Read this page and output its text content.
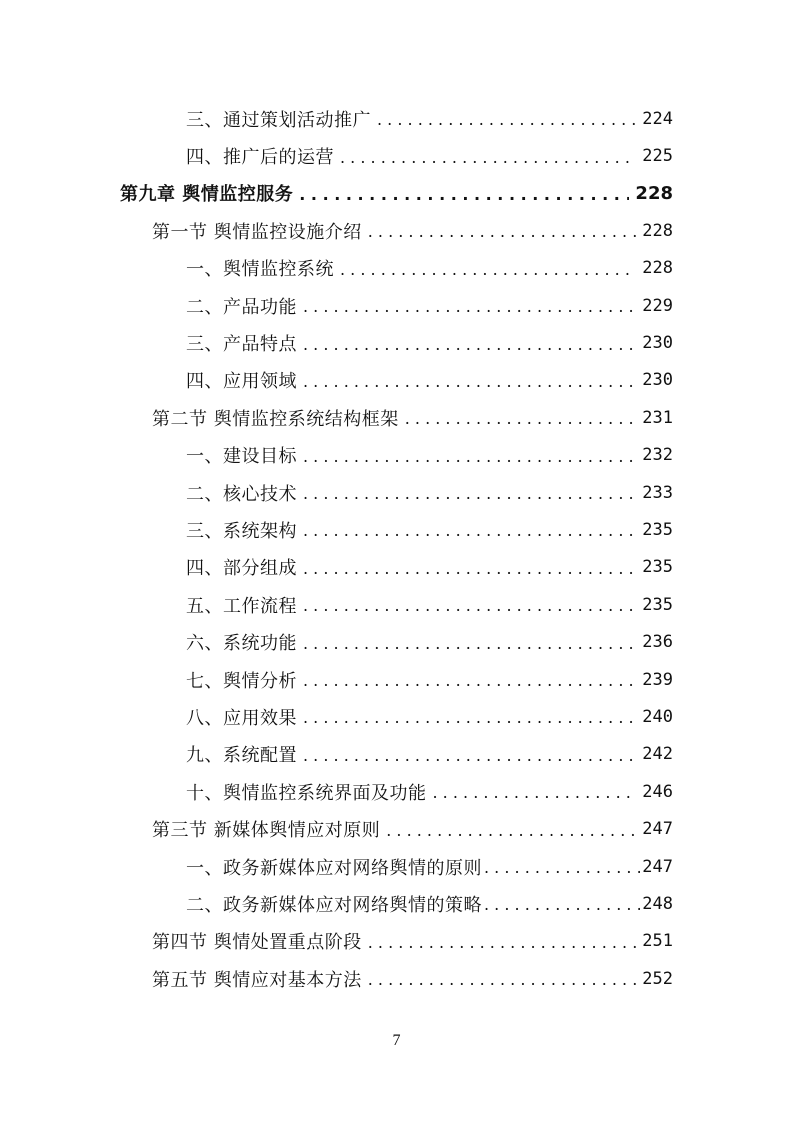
三、通过策划活动推广 . . .	224
四、推广后的运营 . . .	225
第九章 舆情监控服务 . . .	228
第一节 舆情监控设施介绍 . . .	228
一、舆情监控系统 . . .	228
二、产品功能 . . .	229
三、产品特点 . . .	230
四、应用领域 . . .	230
第二节 舆情监控系统结构框架 . . .	231
一、建设目标 . . .	232
二、核心技术 . . .	233
三、系统架构 . . .	235
四、部分组成 . . .	235
五、工作流程 . . .	235
六、系统功能 . . .	236
七、舆情分析 . . .	239
八、应用效果 . . .	240
九、系统配置 . . .	242
十、舆情监控系统界面及功能 . . .	246
第三节 新媒体舆情应对原则 . . .	247
一、政务新媒体应对网络舆情的原则 . . .	247
二、政务新媒体应对网络舆情的策略 . . .	248
第四节 舆情处置重点阶段 . . .	251
第五节 舆情应对基本方法 . . .	252
7
